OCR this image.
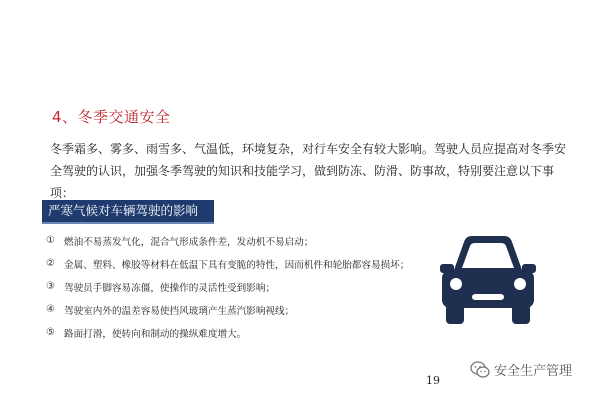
4、冬季交通安全
冬季霜多、雾多、雨雪多、气温低，环境复杂，对行车安全有较大影响。驾驶人员应提高对冬季安全驾驶的认识，加强冬季驾驶的知识和技能学习，做到防冻、防滑、防事故，特别要注意以下事项：
严寒气候对车辆驾驶的影响
① 燃油不易蒸发气化，混合气形成条件差，发动机不易启动；
② 金属、塑料、橡胶等材料在低温下具有变脆的特性，因而机件和轮胎都容易损坏；
③ 驾驶员手脚容易冻僵，使操作的灵活性受到影响；
④ 驾驶室内外的温差容易使挡风玻璃产生蒸汽影响视线；
⑤ 路面打滑，使转向和制动的操纵难度增大。
19
安全生产管理
